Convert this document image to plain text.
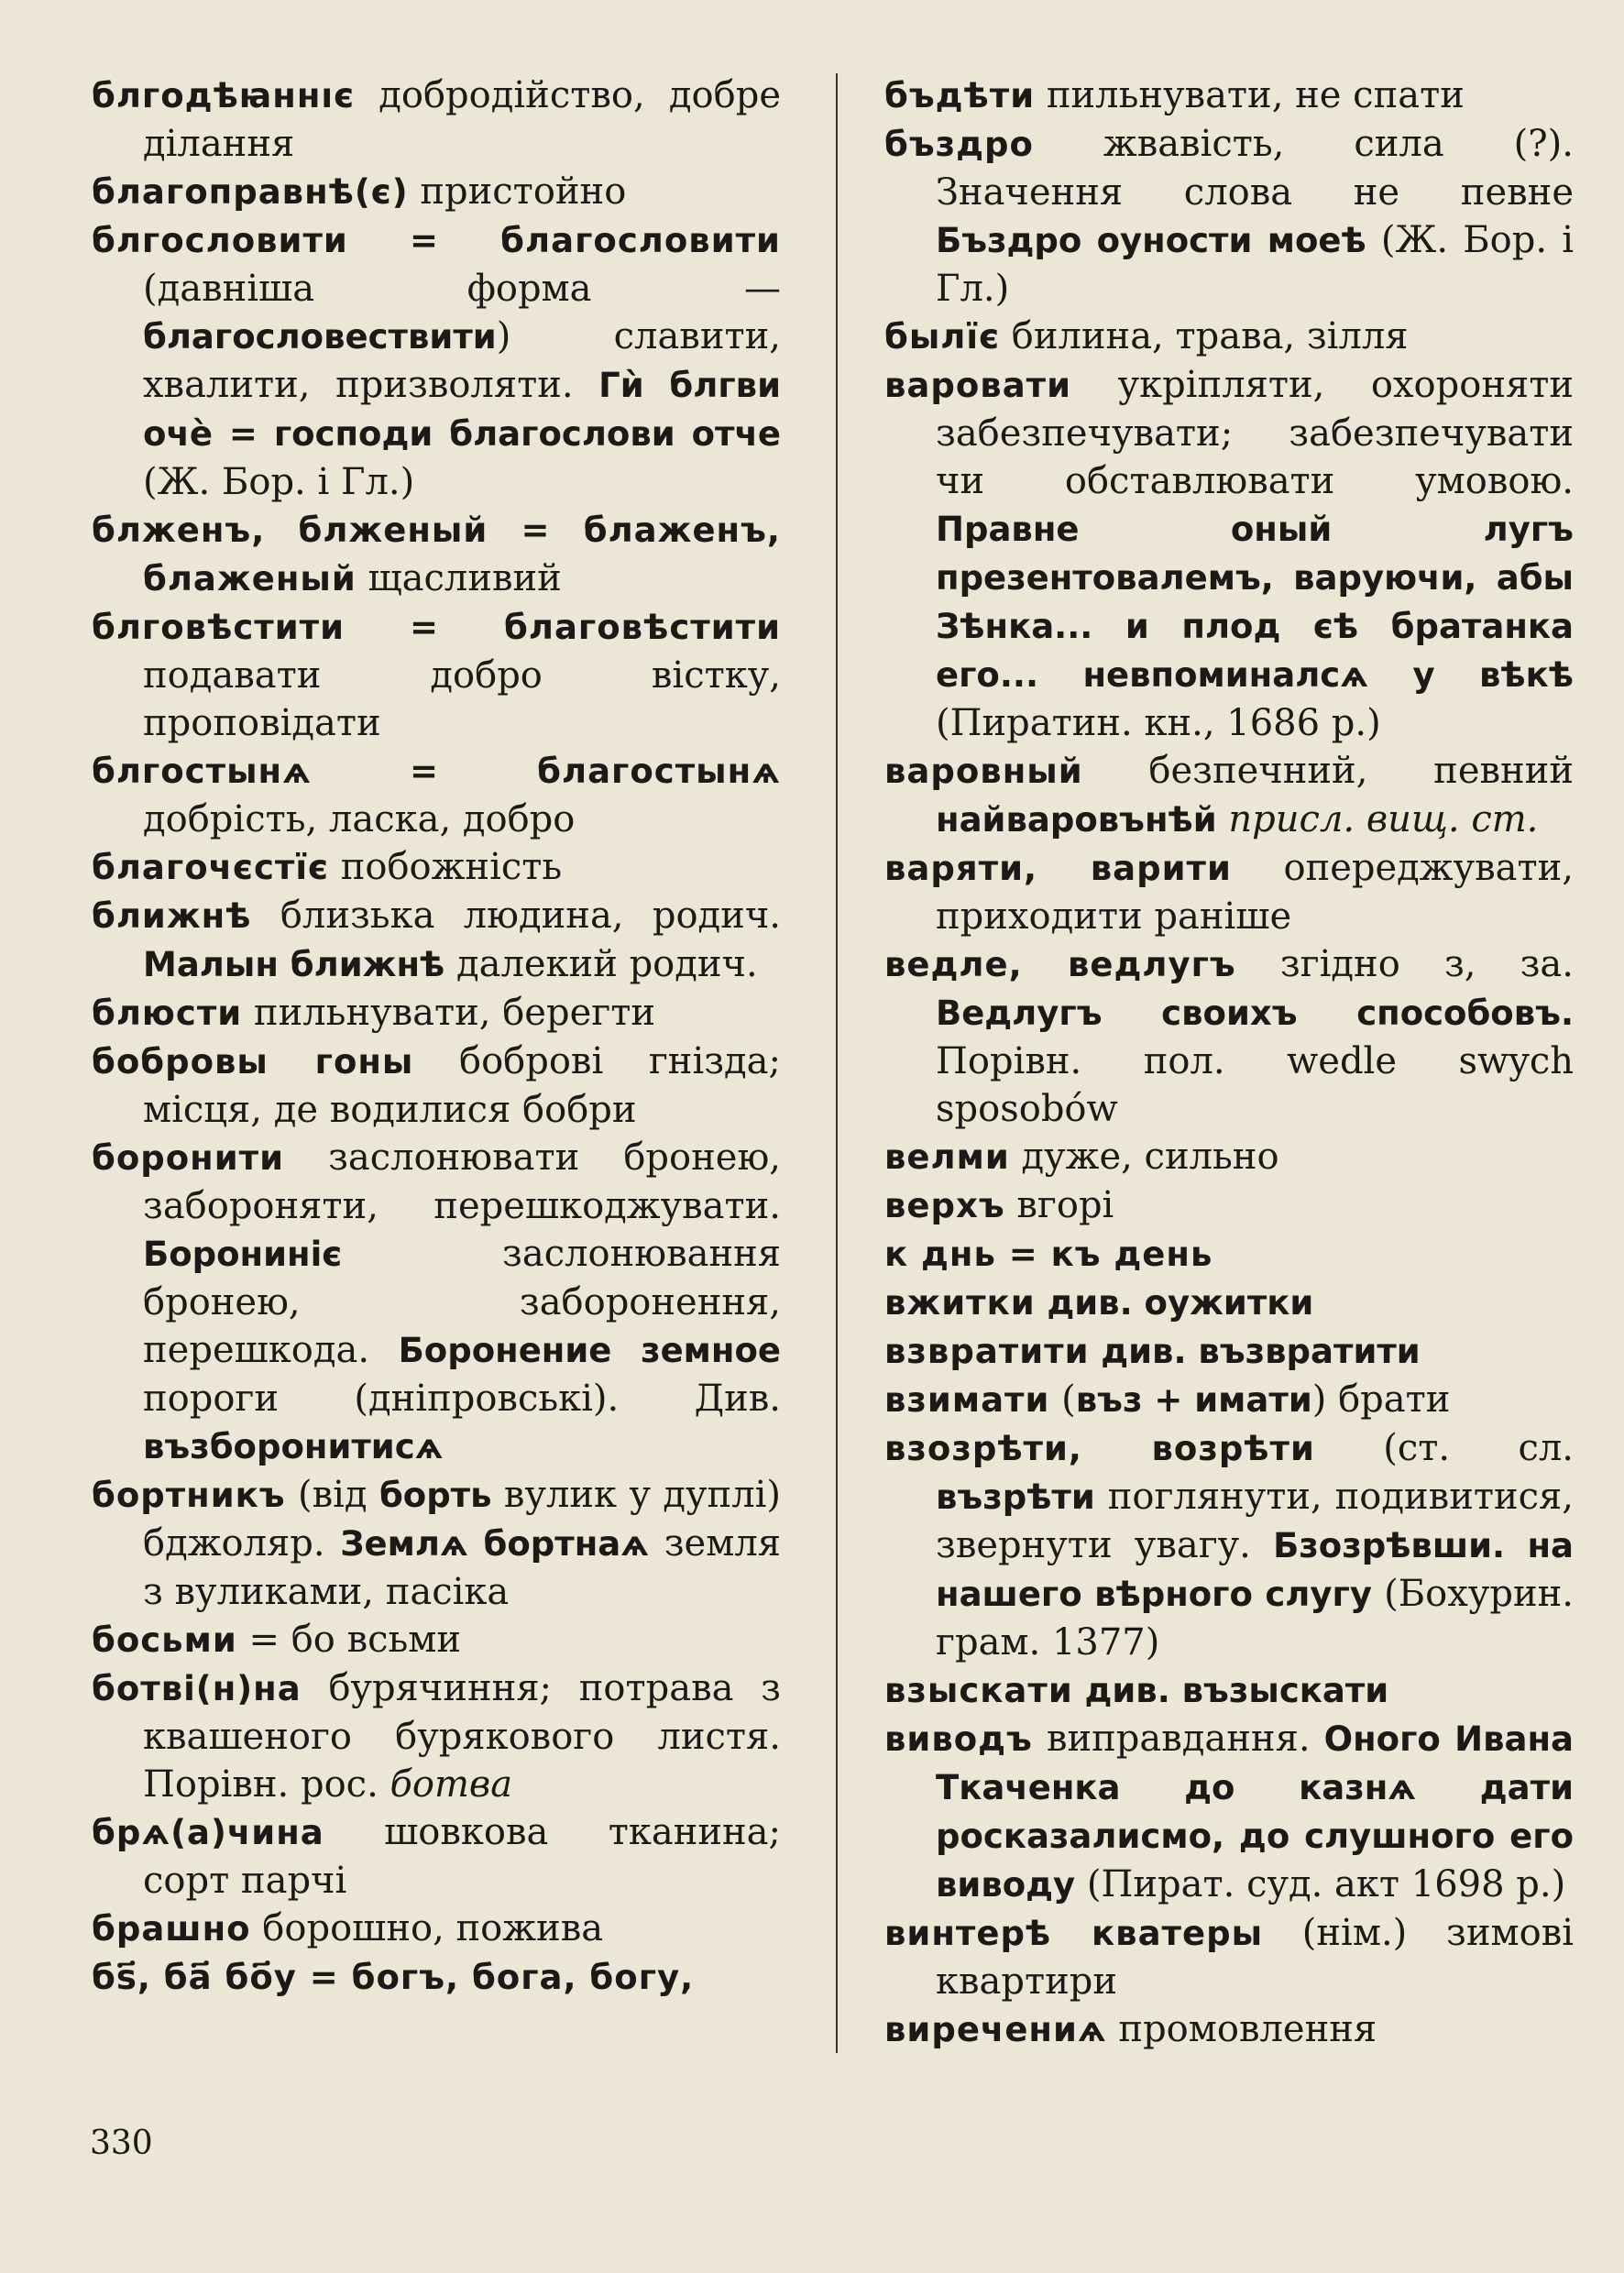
блгодѣꙗннıє добродійство, добре ділання

благоправнѣ(є) пристойно

блгословити = благословити (давніша форма — благословествити) славити, хвалити, призволяти. Гѝ блгви очѐ = господи благослови отче (Ж. Бор. і Гл.)

блженъ, блженый = блаженъ, блаженый щасливий

блговѣстити = благовѣстити подавати добро вістку, проповідати

блгостынѧ = благостынѧ добрість, ласка, добро

благочєстїє побожність

ближнѣ близька людина, родич. Малын ближнѣ далекий родич.

блюсти пильнувати, берегти

бобровы гоны боброві гнізда; місця, де водилися бобри

боронити заслонювати бронею, забороняти, перешкоджувати. Борониніє заслонювання бронею, заборонення, перешкода. Боронение земное пороги (дніпровські). Див. възборонитисѧ

бортникъ (від борть вулик у дуплі) бджоляр. Землѧ бортнаѧ земля з вуликами, пасіка

босьми = бо всьми

ботві(н)на бурячиння; потрава з квашеного бурякового листя. Порівн. рос. ботва

брѧ(а)чина шовкова тканина; сорт парчі

брашно борошно, пожива

бѕ҃, ба҃ бо҃у = богъ, бога, богу,

бъдѣти пильнувати, не спати

бъздро жвавість, сила (?). Значення слова не певне Бъздро оуности моеѣ (Ж. Бор. і Гл.)

былїє билина, трава, зілля

варовати укріпляти, охороняти забезпечувати; забезпечувати чи обставлювати умовою. Правне оный лугъ презентовалемъ, варуючи, абы Зѣнка... и плод єѣ братанка его... невпоминалсѧ у вѣкѣ (Пиратин. кн., 1686 р.)

варовный безпечний, певний найваровънѣй присл. вищ. ст.

варяти, варити опереджувати, приходити раніше

ведле, ведлугъ згідно з, за. Ведлугъ своихъ способовъ. Порівн. пол. wedle swych sposobów

велми дуже, сильно

верхъ вгорі

к днь = къ день

вжитки див. оужитки

взвратити див. възвратити

взимати (въз + имати) брати

взозрѣти, возрѣти (ст. сл. възрѣти поглянути, подивитися, звернути увагу. Бзозрѣвши. на нашего вѣрного слугу (Бохурин. грам. 1377)

взыскати див. възыскати

виводъ виправдання. Оного Ивана Ткаченка до казнѧ дати росказалисмо, до слушного его виводу (Пират. суд. акт 1698 р.)

винтерѣ кватеры (нім.) зимові квартири

виречениѧ промовлення

330
